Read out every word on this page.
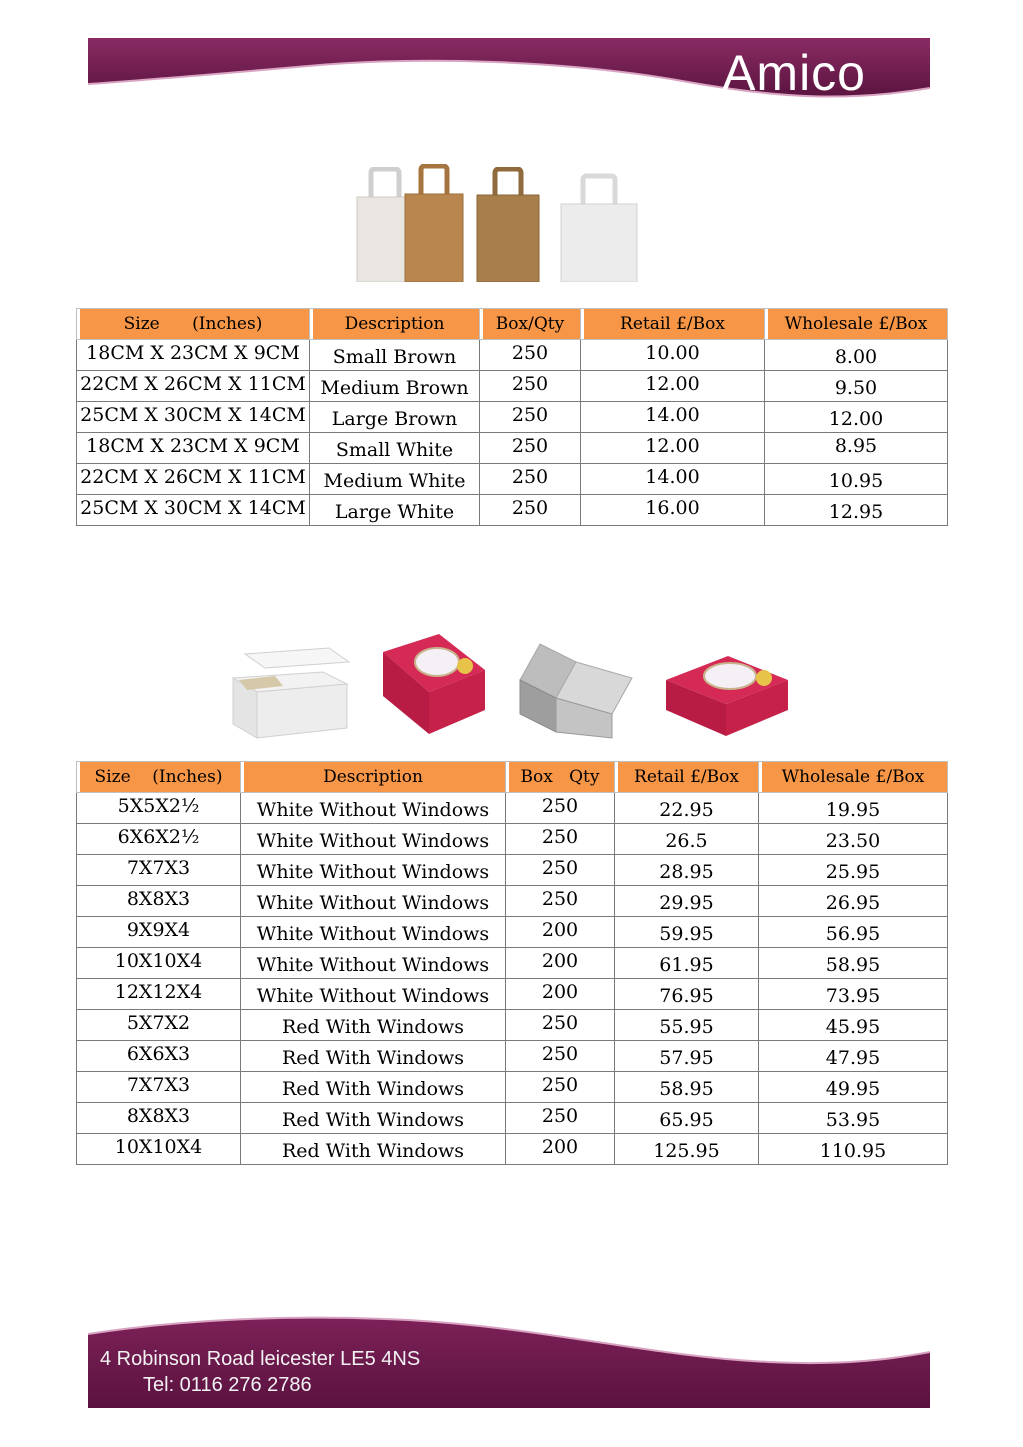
Amico
Size      (Inches)	Description	Box/Qty	Retail £/Box	Wholesale £/Box
18CM X 23CM X 9CM	Small Brown	250	10.00	8.00
22CM X 26CM X 11CM	Medium Brown	250	12.00	9.50
25CM X 30CM X 14CM	Large Brown	250	14.00	12.00
18CM X 23CM X 9CM	Small White	250	12.00	8.95
22CM X 26CM X 11CM	Medium White	250	14.00	10.95
25CM X 30CM X 14CM	Large White	250	16.00	12.95
Size    (Inches)	Description	Box   Qty	Retail £/Box	Wholesale £/Box
5X5X2½	White Without Windows	250	22.95	19.95
6X6X2½	White Without Windows	250	26.5	23.50
7X7X3	White Without Windows	250	28.95	25.95
8X8X3	White Without Windows	250	29.95	26.95
9X9X4	White Without Windows	200	59.95	56.95
10X10X4	White Without Windows	200	61.95	58.95
12X12X4	White Without Windows	200	76.95	73.95
5X7X2	Red With Windows	250	55.95	45.95
6X6X3	Red With Windows	250	57.95	47.95
7X7X3	Red With Windows	250	58.95	49.95
8X8X3	Red With Windows	250	65.95	53.95
10X10X4	Red With Windows	200	125.95	110.95
4 Robinson Road leicester LE5 4NS
Tel: 0116 276 2786
